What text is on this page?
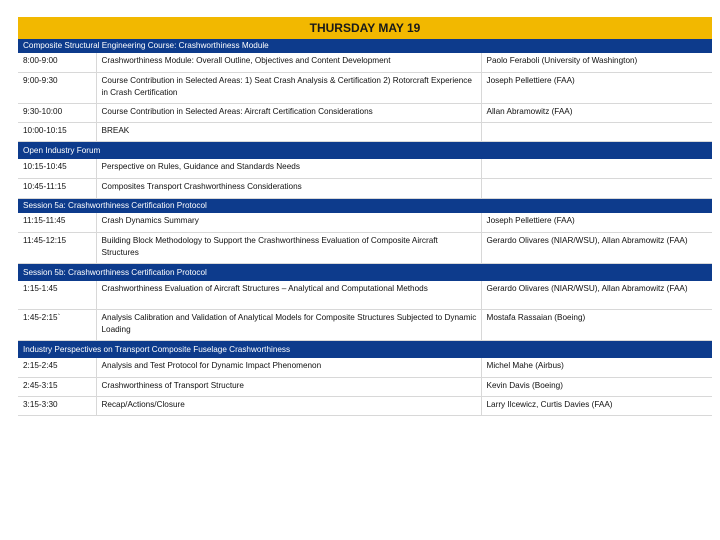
THURSDAY MAY 19		
Composite Structural Engineering Course: Crashworthiness Module		
8:00-9:00	Crashworthiness Module: Overall Outline, Objectives and Content Development	Paolo Feraboli (University of Washington)
9:00-9:30	Course Contribution in Selected Areas: 1) Seat Crash Analysis & Certification 2) Rotorcraft Experience in Crash Certification	Joseph Pellettiere (FAA)
9:30-10:00	Course Contribution in Selected Areas: Aircraft Certification Considerations	Allan Abramowitz (FAA)
10:00-10:15	BREAK	
Open Industry Forum		
10:15-10:45	Perspective on Rules, Guidance and Standards Needs	
10:45-11:15	Composites Transport Crashworthiness Considerations	
Session 5a: Crashworthiness Certification Protocol		
11:15-11:45	Crash Dynamics Summary	Joseph Pellettiere (FAA)
11:45-12:15	Building Block Methodology to Support the Crashworthiness Evaluation of Composite Aircraft Structures	Gerardo Olivares (NIAR/WSU), Allan Abramowitz (FAA)
Session 5b: Crashworthiness Certification Protocol		
1:15-1:45	Crashworthiness Evaluation of Aircraft Structures – Analytical and Computational Methods	Gerardo Olivares (NIAR/WSU), Allan Abramowitz (FAA)
1:45-2:15`	Analysis Calibration and Validation of Analytical Models for Composite Structures Subjected to Dynamic Loading	Mostafa Rassaian (Boeing)
Industry Perspectives on Transport Composite Fuselage Crashworthiness		
2:15-2:45	Analysis and Test Protocol for Dynamic Impact Phenomenon	Michel Mahe (Airbus)
2:45-3:15	Crashworthiness of Transport Structure	Kevin Davis (Boeing)
3:15-3:30	Recap/Actions/Closure	Larry Ilcewicz, Curtis Davies (FAA)
